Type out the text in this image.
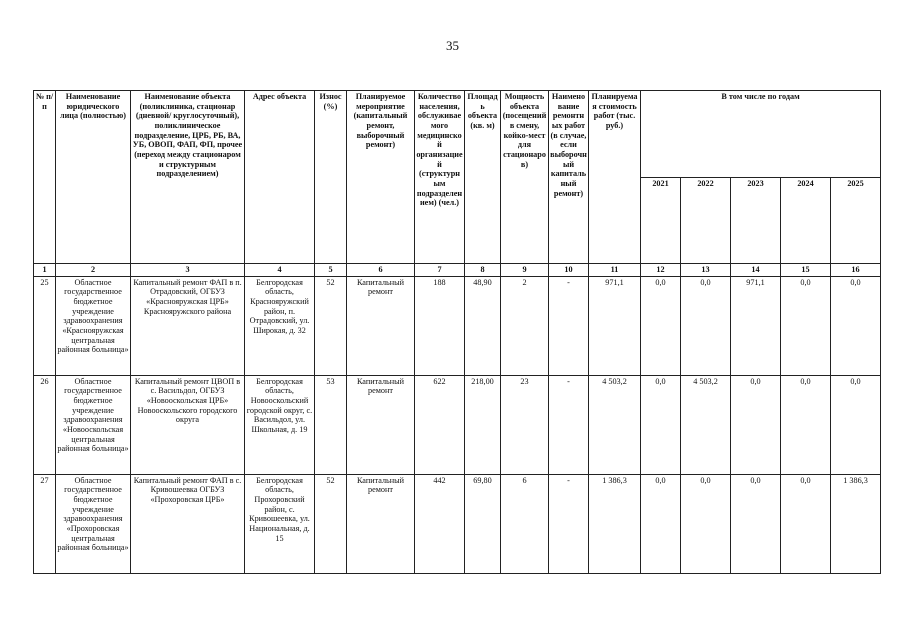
35
№ п/п	Наименование юридического лица (полностью)	Наименование объекта (поликлиника, стационар (дневной/ круглосуточный), поликлиническое подразделение, ЦРБ, РБ, ВА, УБ, ОВОП, ФАП, ФП, прочее (переход между стационаром и структурным подразделением)	Адрес объекта	Износ (%)	Планируемое мероприятие (капитальный ремонт, выборочный ремонт)	Количество населения, обслуживаемого медицинской организацией (структурным подразделением) (чел.)	Площадь объекта (кв. м)	Мощность объекта (посещений в смену, койко-мест для стационаров)	Наименование ремонтных работ (в случае, если выборочный капитальный ремонт)	Планируемая стоимость работ (тыс. руб.)	В том числе по годам				
											2021	2022	2023	2024	2025
1	2	3	4	5	6	7	8	9	10	11	12	13	14	15	16
25	Областное государственное бюджетное учреждение здравоохранения «Краснояружская центральная районная больница»	Капитальный ремонт ФАП в п. Отрадовский, ОГБУЗ «Краснояружская ЦРБ» Краснояружского района	Белгородская область, Краснояружский район, п. Отрадовский, ул. Широкая, д. 32	52	Капитальный ремонт	188	48,90	2	-	971,1	0,0	0,0	971,1	0,0	0,0
26	Областное государственное бюджетное учреждение здравоохранения «Новооскольская центральная районная больница»	Капитальный ремонт ЦВОП в с. Васильдол, ОГБУЗ «Новооскольская ЦРБ» Новооскольского городского округа	Белгородская область, Новооскольский городской округ, с. Васильдол, ул. Школьная, д. 19	53	Капитальный ремонт	622	218,00	23	-	4 503,2	0,0	4 503,2	0,0	0,0	0,0
27	Областное государственное бюджетное учреждение здравоохранения «Прохоровская центральная районная больница»	Капитальный ремонт ФАП в с. Кривошеевка ОГБУЗ «Прохоровская ЦРБ»	Белгородская область, Прохоровский район, с. Кривошеевка, ул. Национальная, д. 15	52	Капитальный ремонт	442	69,80	6	-	1 386,3	0,0	0,0	0,0	0,0	1 386,3
